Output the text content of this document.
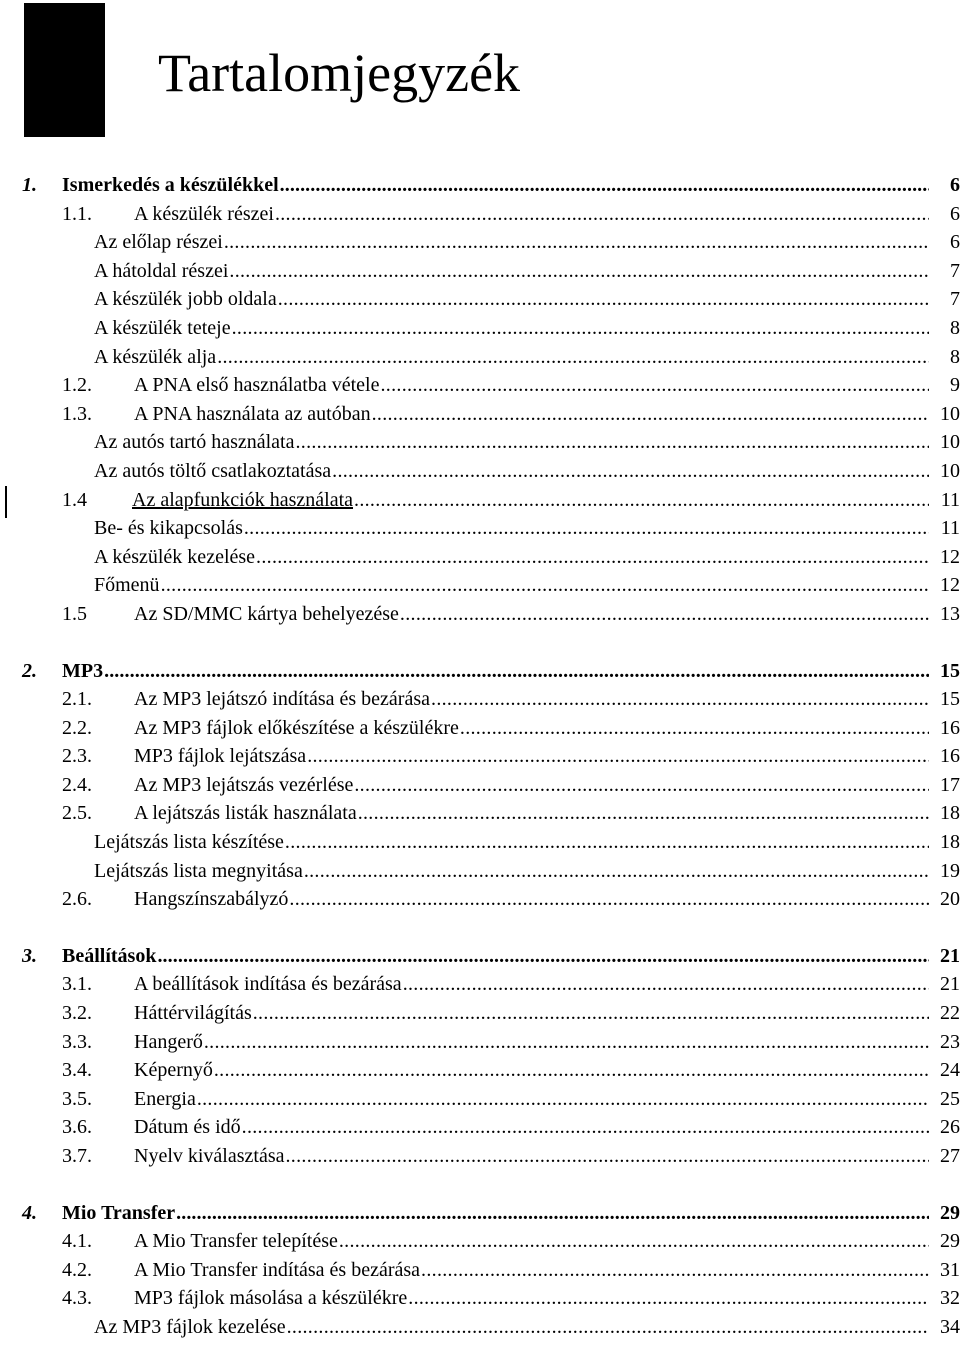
Tartalomjegyzék
1. ..... Ismerkedés a készülékkel	6
1.1. ..... A készülék részei	6
.....
Az előlap részei	6
.....
A hátoldal részei	7
.....
A készülék jobb oldala	7
.....
A készülék teteje	8
.....
A készülék alja	8
1.2. ..... A PNA első használatba vétele	9
1.3. ..... A PNA használata az autóban	10
.....
Az autós tartó használata	10
.....
Az autós töltő csatlakoztatása	10
1.4 ..... Az alapfunkciók használata	11
.....
Be- és kikapcsolás	11
.....
A készülék kezelése	12
.....
Főmenü	12
1.5 ..... Az SD/MMC kártya behelyezése	13
2. ..... MP3	15
2.1. ..... Az MP3 lejátszó indítása és bezárása	15
2.2. ..... Az MP3 fájlok előkészítése a készülékre	16
2.3. ..... MP3 fájlok lejátszása	16
2.4. ..... Az MP3 lejátszás vezérlése	17
2.5. ..... A lejátszás listák használata	18
.....
Lejátszás lista készítése	18
.....
Lejátszás lista megnyitása	19
2.6. ..... Hangszínszabályzó	20
3. ..... Beállítások	21
3.1. ..... A beállítások indítása és bezárása	21
3.2. ..... Háttérvilágítás	22
3.3. ..... Hangerő	23
3.4. ..... Képernyő	24
3.5. ..... Energia	25
3.6. ..... Dátum és idő	26
3.7. ..... Nyelv kiválasztása	27
4. ..... Mio Transfer	29
4.1. ..... A Mio Transfer telepítése	29
4.2. ..... A Mio Transfer indítása és bezárása	31
4.3. ..... MP3 fájlok másolása a készülékre	32
.....
Az MP3 fájlok kezelése	34
